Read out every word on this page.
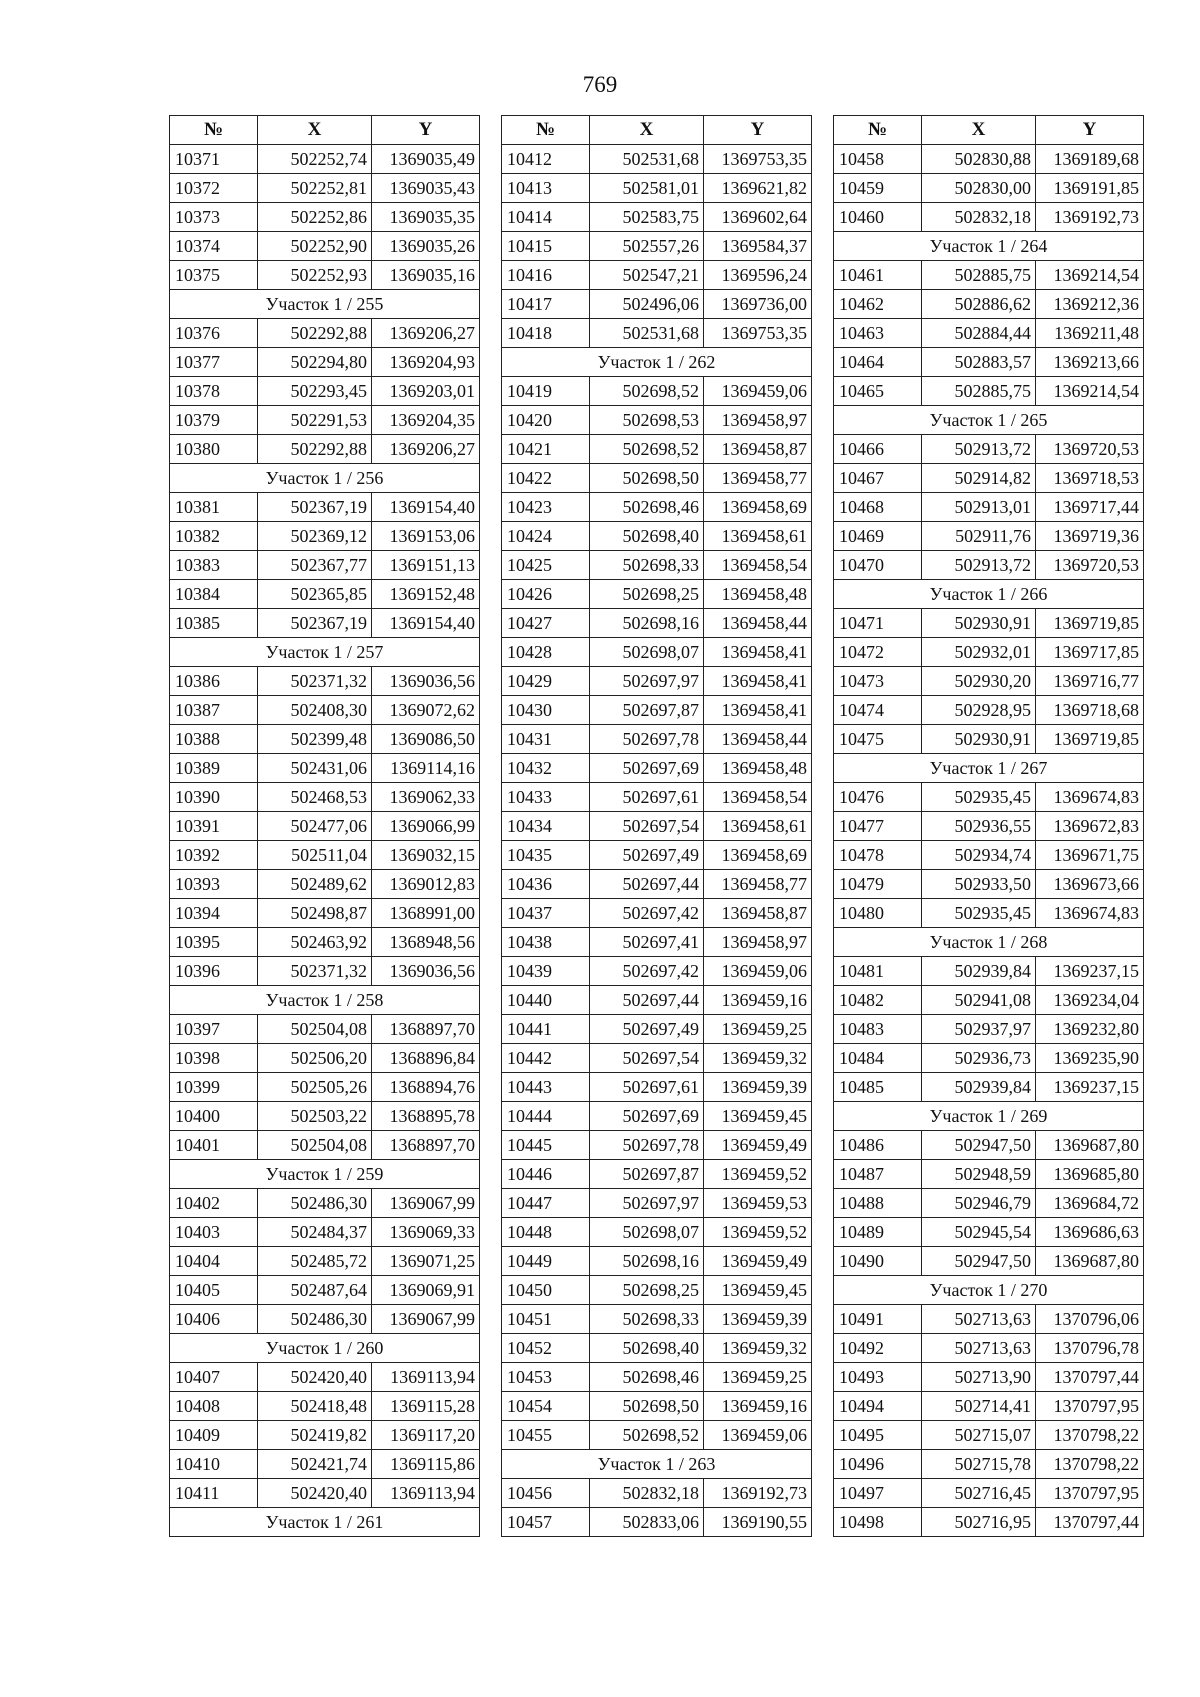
769
№	X	Y
10371	502252,74	1369035,49
10372	502252,81	1369035,43
10373	502252,86	1369035,35
10374	502252,90	1369035,26
10375	502252,93	1369035,16
Участок 1 / 255		
10376	502292,88	1369206,27
10377	502294,80	1369204,93
10378	502293,45	1369203,01
10379	502291,53	1369204,35
10380	502292,88	1369206,27
Участок 1 / 256		
10381	502367,19	1369154,40
10382	502369,12	1369153,06
10383	502367,77	1369151,13
10384	502365,85	1369152,48
10385	502367,19	1369154,40
Участок 1 / 257		
10386	502371,32	1369036,56
10387	502408,30	1369072,62
10388	502399,48	1369086,50
10389	502431,06	1369114,16
10390	502468,53	1369062,33
10391	502477,06	1369066,99
10392	502511,04	1369032,15
10393	502489,62	1369012,83
10394	502498,87	1368991,00
10395	502463,92	1368948,56
10396	502371,32	1369036,56
Участок 1 / 258		
10397	502504,08	1368897,70
10398	502506,20	1368896,84
10399	502505,26	1368894,76
10400	502503,22	1368895,78
10401	502504,08	1368897,70
Участок 1 / 259		
10402	502486,30	1369067,99
10403	502484,37	1369069,33
10404	502485,72	1369071,25
10405	502487,64	1369069,91
10406	502486,30	1369067,99
Участок 1 / 260		
10407	502420,40	1369113,94
10408	502418,48	1369115,28
10409	502419,82	1369117,20
10410	502421,74	1369115,86
10411	502420,40	1369113,94
Участок 1 / 261		
№	X	Y
10412	502531,68	1369753,35
10413	502581,01	1369621,82
10414	502583,75	1369602,64
10415	502557,26	1369584,37
10416	502547,21	1369596,24
10417	502496,06	1369736,00
10418	502531,68	1369753,35
Участок 1 / 262		
10419	502698,52	1369459,06
10420	502698,53	1369458,97
10421	502698,52	1369458,87
10422	502698,50	1369458,77
10423	502698,46	1369458,69
10424	502698,40	1369458,61
10425	502698,33	1369458,54
10426	502698,25	1369458,48
10427	502698,16	1369458,44
10428	502698,07	1369458,41
10429	502697,97	1369458,41
10430	502697,87	1369458,41
10431	502697,78	1369458,44
10432	502697,69	1369458,48
10433	502697,61	1369458,54
10434	502697,54	1369458,61
10435	502697,49	1369458,69
10436	502697,44	1369458,77
10437	502697,42	1369458,87
10438	502697,41	1369458,97
10439	502697,42	1369459,06
10440	502697,44	1369459,16
10441	502697,49	1369459,25
10442	502697,54	1369459,32
10443	502697,61	1369459,39
10444	502697,69	1369459,45
10445	502697,78	1369459,49
10446	502697,87	1369459,52
10447	502697,97	1369459,53
10448	502698,07	1369459,52
10449	502698,16	1369459,49
10450	502698,25	1369459,45
10451	502698,33	1369459,39
10452	502698,40	1369459,32
10453	502698,46	1369459,25
10454	502698,50	1369459,16
10455	502698,52	1369459,06
Участок 1 / 263		
10456	502832,18	1369192,73
10457	502833,06	1369190,55
№	X	Y
10458	502830,88	1369189,68
10459	502830,00	1369191,85
10460	502832,18	1369192,73
Участок 1 / 264		
10461	502885,75	1369214,54
10462	502886,62	1369212,36
10463	502884,44	1369211,48
10464	502883,57	1369213,66
10465	502885,75	1369214,54
Участок 1 / 265		
10466	502913,72	1369720,53
10467	502914,82	1369718,53
10468	502913,01	1369717,44
10469	502911,76	1369719,36
10470	502913,72	1369720,53
Участок 1 / 266		
10471	502930,91	1369719,85
10472	502932,01	1369717,85
10473	502930,20	1369716,77
10474	502928,95	1369718,68
10475	502930,91	1369719,85
Участок 1 / 267		
10476	502935,45	1369674,83
10477	502936,55	1369672,83
10478	502934,74	1369671,75
10479	502933,50	1369673,66
10480	502935,45	1369674,83
Участок 1 / 268		
10481	502939,84	1369237,15
10482	502941,08	1369234,04
10483	502937,97	1369232,80
10484	502936,73	1369235,90
10485	502939,84	1369237,15
Участок 1 / 269		
10486	502947,50	1369687,80
10487	502948,59	1369685,80
10488	502946,79	1369684,72
10489	502945,54	1369686,63
10490	502947,50	1369687,80
Участок 1 / 270		
10491	502713,63	1370796,06
10492	502713,63	1370796,78
10493	502713,90	1370797,44
10494	502714,41	1370797,95
10495	502715,07	1370798,22
10496	502715,78	1370798,22
10497	502716,45	1370797,95
10498	502716,95	1370797,44
